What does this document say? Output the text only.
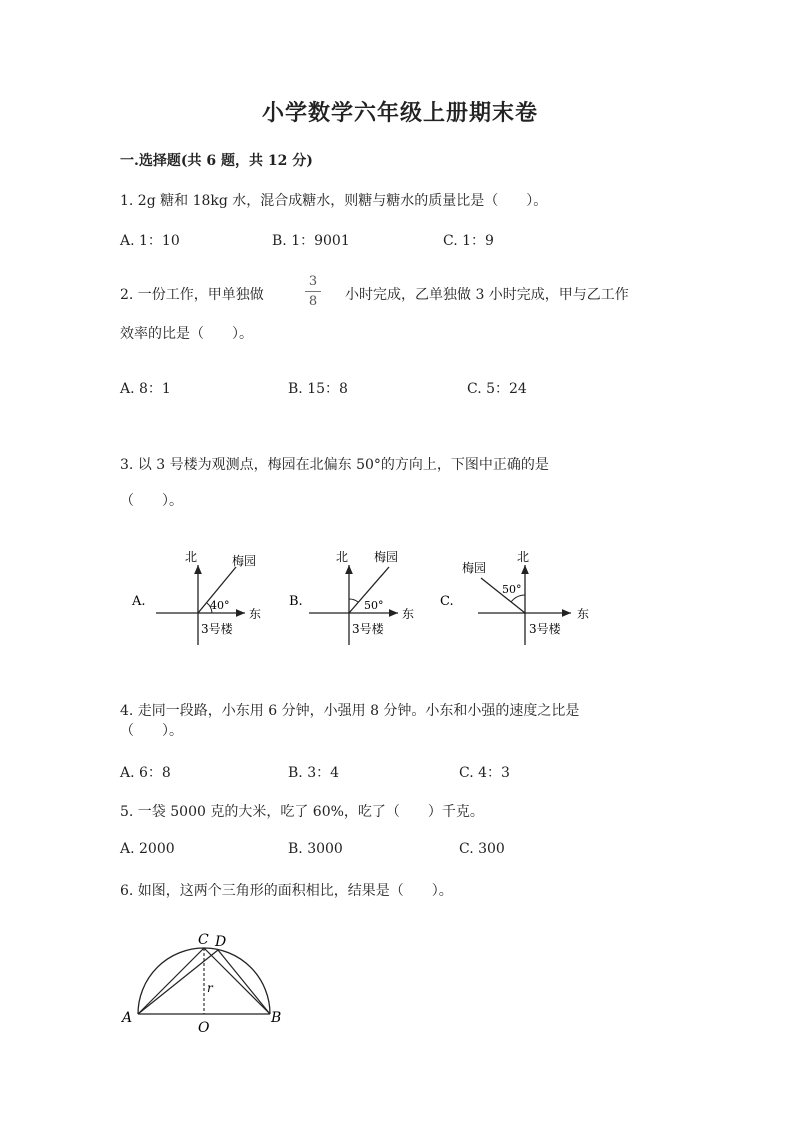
小学数学六年级上册期末卷
一.选择题(共 6 题，共 12 分)
1. 2g 糖和 18kg 水，混合成糖水，则糖与糖水的质量比是（　　）。
A. 1：10	B. 1：9001	C. 1：9
2. 一份工作，甲单独做
3
8	小时完成，乙单独做 3 小时完成，甲与乙工作
效率的比是（　　）。
A. 8：1	B. 15：8	C. 5：24
3. 以 3 号楼为观测点，梅园在北偏东 50°的方向上，下图中正确的是
（　　）。
A.
北	梅园
40°
东
3号楼
B.
北 梅园
50°
东
3号楼
C.
北
梅园
50°
东
3号楼
4. 走同一段路，小东用 6 分钟，小强用 8 分钟。小东和小强的速度之比是
（　　）。
A. 6：8	B. 3：4	C. 4：3
5. 一袋 5000 克的大米，吃了 60%，吃了（　　）千克。
A. 2000	B. 3000	C. 300
6. 如图，这两个三角形的面积相比，结果是（　　）。
C D
A	B
O
r
